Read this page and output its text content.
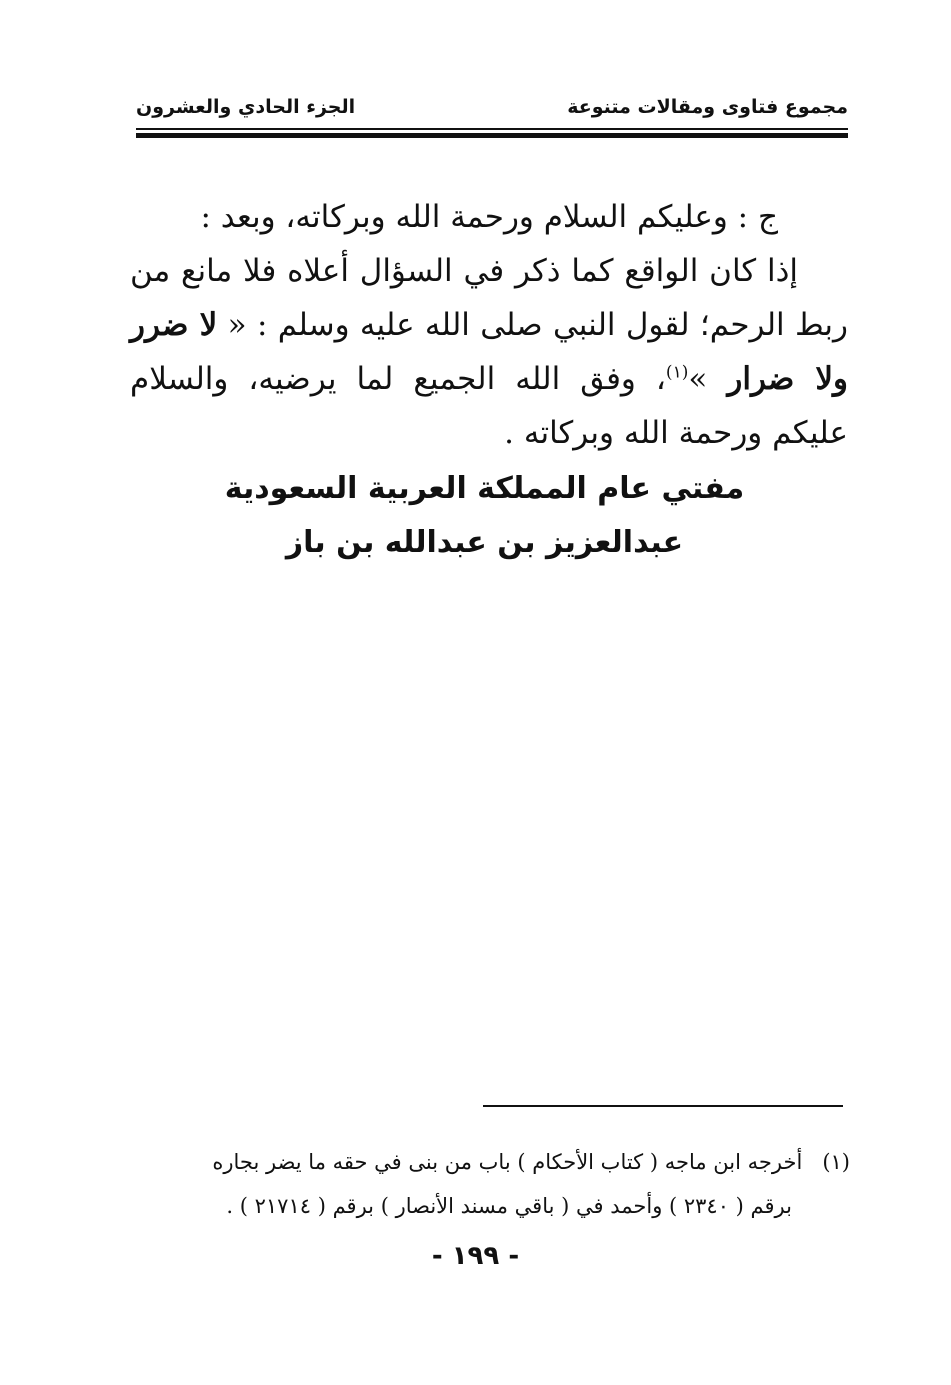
مجموع فتاوى ومقالات متنوعة
الجزء الحادي والعشرون

ج : وعليكم السلام ورحمة الله وبركاته، وبعد :

إذا كان الواقع كما ذكر في السؤال أعلاه فلا مانع من ربط الرحم؛ لقول النبي صلى الله عليه وسلم : « لا ضرر ولا ضرار »$^{(١)}$، وفق الله الجميع لما يرضيه، والسلام عليكم ورحمة الله وبركاته .

مفتي عام المملكة العربية السعودية
عبدالعزيز بن عبدالله بن باز

(١)   أخرجه ابن ماجه ( كتاب الأحكام ) باب من بنى في حقه ما يضر بجاره

برقم ( ٢٣٤٠ ) وأحمد في ( باقي مسند الأنصار ) برقم ( ٢١٧١٤ ) .

- ١٩٩ -
